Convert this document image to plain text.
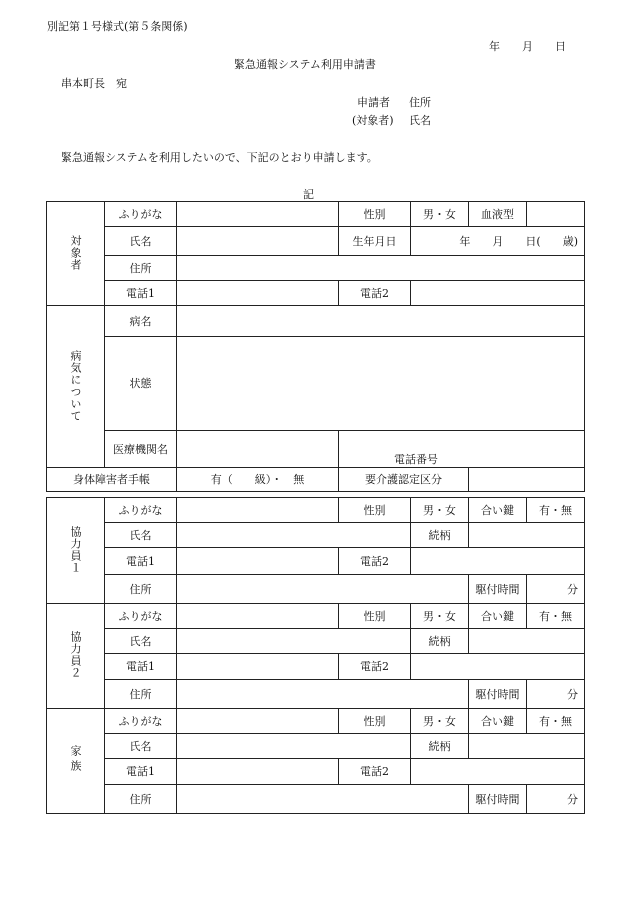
別記第１号様式(第５条関係)
年　　月　　日
緊急通報システム利用申請書
串本町長　宛
申請者 住所
(対象者) 氏名
緊急通報システムを利用したいので、下記のとおり申請します。
記
対象者	ふりがな		性別	男・女	血液型	
	氏名		生年月日	年　　月　　日(　　歳)		
	住所					
	電話1		電話2			
病気について	病名					
	状態					
	医療機関名		電話番号			
身体障害者手帳		有（　　級）・　無	要介護認定区分			
協力員１	ふりがな		性別	男・女	合い鍵	有・無
	氏名			続柄		
	電話1		電話2			
	住所				駆付時間	分
協力員２	ふりがな		性別	男・女	合い鍵	有・無
	氏名			続柄		
	電話1		電話2			
	住所				駆付時間	分
家族	ふりがな		性別	男・女	合い鍵	有・無
	氏名			続柄		
	電話1		電話2			
	住所				駆付時間	分
